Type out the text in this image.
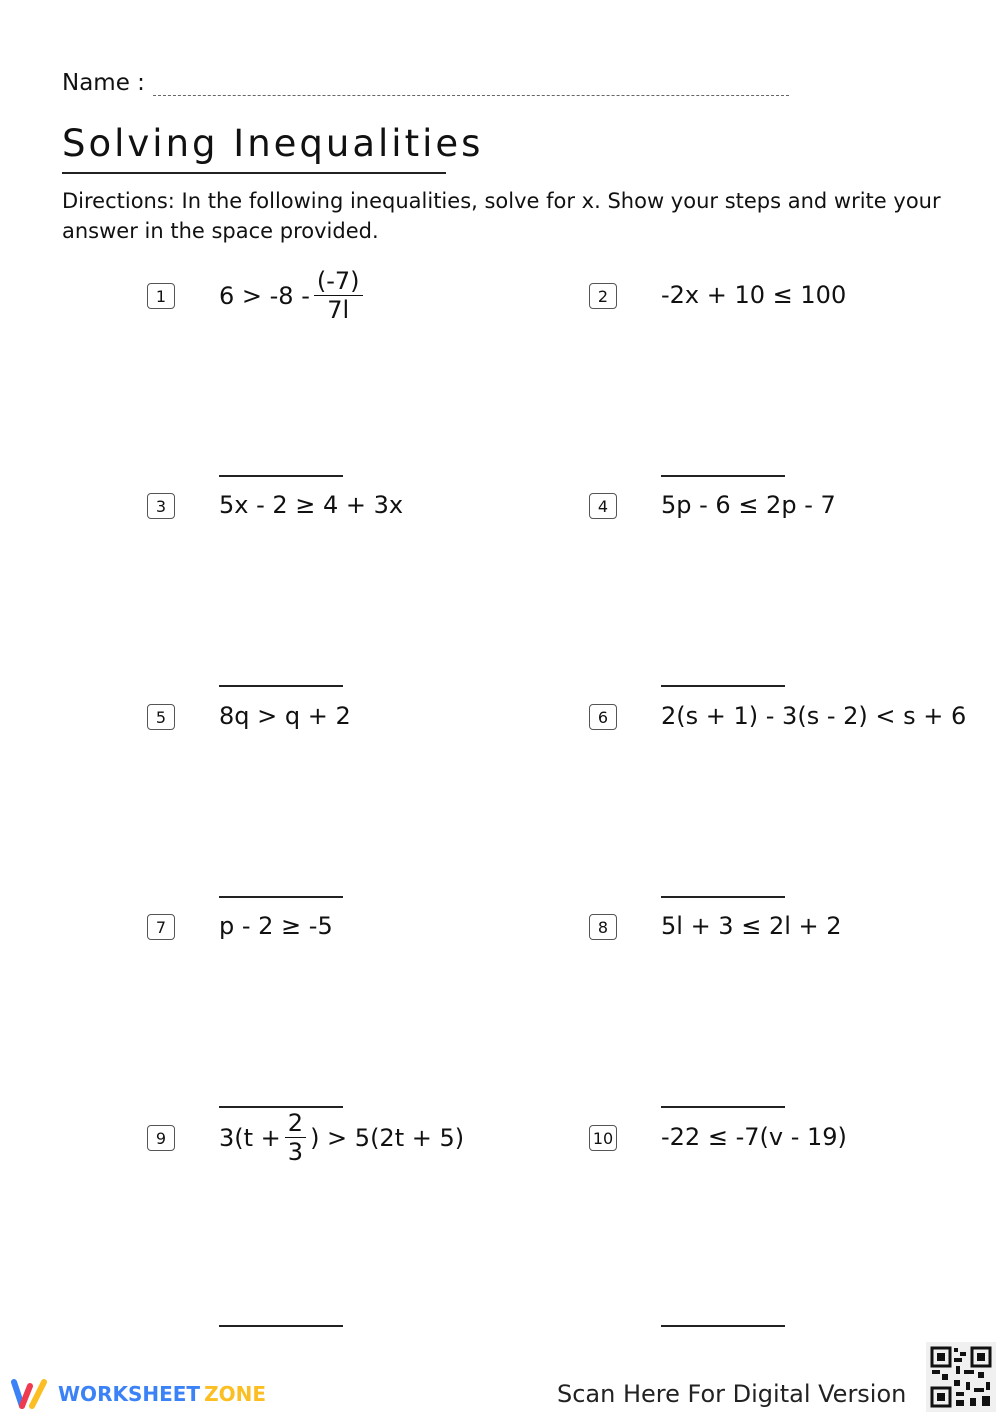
Name :
Solving Inequalities
Directions: In the following inequalities, solve for x. Show your steps and write your answer in the space provided.
1	$6 > -8 - \frac{(-7)}{7l}$	2	-2x + 10 ≤ 100
3	5x - 2 ≥ 4 + 3x	4	5p - 6 ≤ 2p - 7
5	8q > q + 2	6	2(s + 1) - 3(s - 2) < s + 6
7	p - 2 ≥ -5	8	5l + 3 ≤ 2l + 2
9	$3(t + \frac{2}{3}$ ) > 5(2t + 5)	10 -22 ≤ -7(v - 19)
WORKSHEET ZONE	Scan Here For Digital Version
